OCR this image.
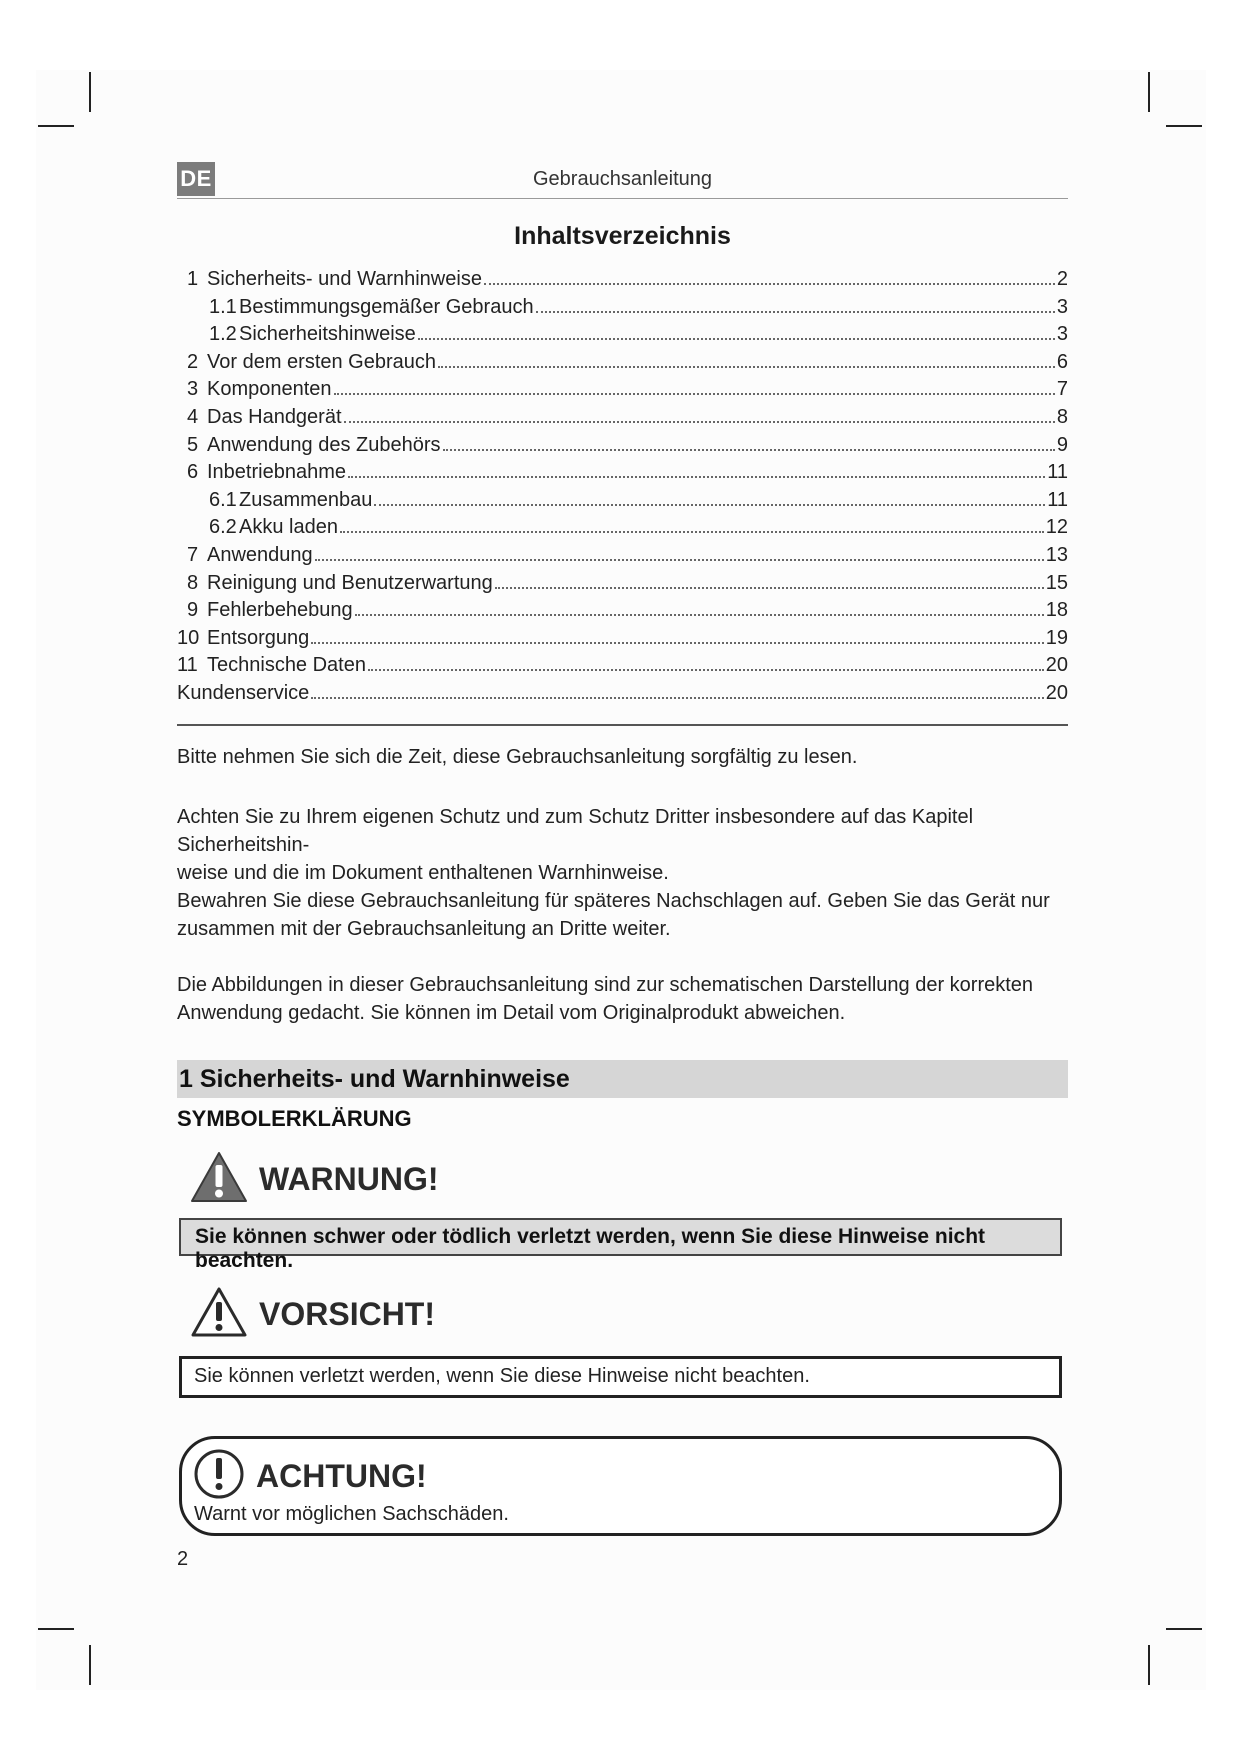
DE	Gebrauchsanleitung
Inhaltsverzeichnis
1 Sicherheits- und Warnhinweise	2
1.1 Bestimmungsgemäßer Gebrauch	3
1.2 Sicherheitshinweise	3
2 Vor dem ersten Gebrauch	6
3 Komponenten	7
4 Das Handgerät	8
5 Anwendung des Zubehörs	9
6 Inbetriebnahme	11
6.1 Zusammenbau	11
6.2 Akku laden	12
7 Anwendung	13
8 Reinigung und Benutzerwartung	15
9 Fehlerbehebung	18
10 Entsorgung	19
11 Technische Daten	20
Kundenservice	20
Bitte nehmen Sie sich die Zeit, diese Gebrauchsanleitung sorgfältig zu lesen.
Achten Sie zu Ihrem eigenen Schutz und zum Schutz Dritter insbesondere auf das Kapitel Sicherheitshin-
weise und die im Dokument enthaltenen Warnhinweise.
Bewahren Sie diese Gebrauchsanleitung für späteres Nachschlagen auf. Geben Sie das Gerät nur
zusammen mit der Gebrauchsanleitung an Dritte weiter.
Die Abbildungen in dieser Gebrauchsanleitung sind zur schematischen Darstellung der korrekten
Anwendung gedacht. Sie können im Detail vom Originalprodukt abweichen.
1 Sicherheits- und Warnhinweise
SYMBOLERKLÄRUNG
WARNUNG!
Sie können schwer oder tödlich verletzt werden, wenn Sie diese Hinweise nicht beachten.
VORSICHT!
Sie können verletzt werden, wenn Sie diese Hinweise nicht beachten.
ACHTUNG!
Warnt vor möglichen Sachschäden.
2
